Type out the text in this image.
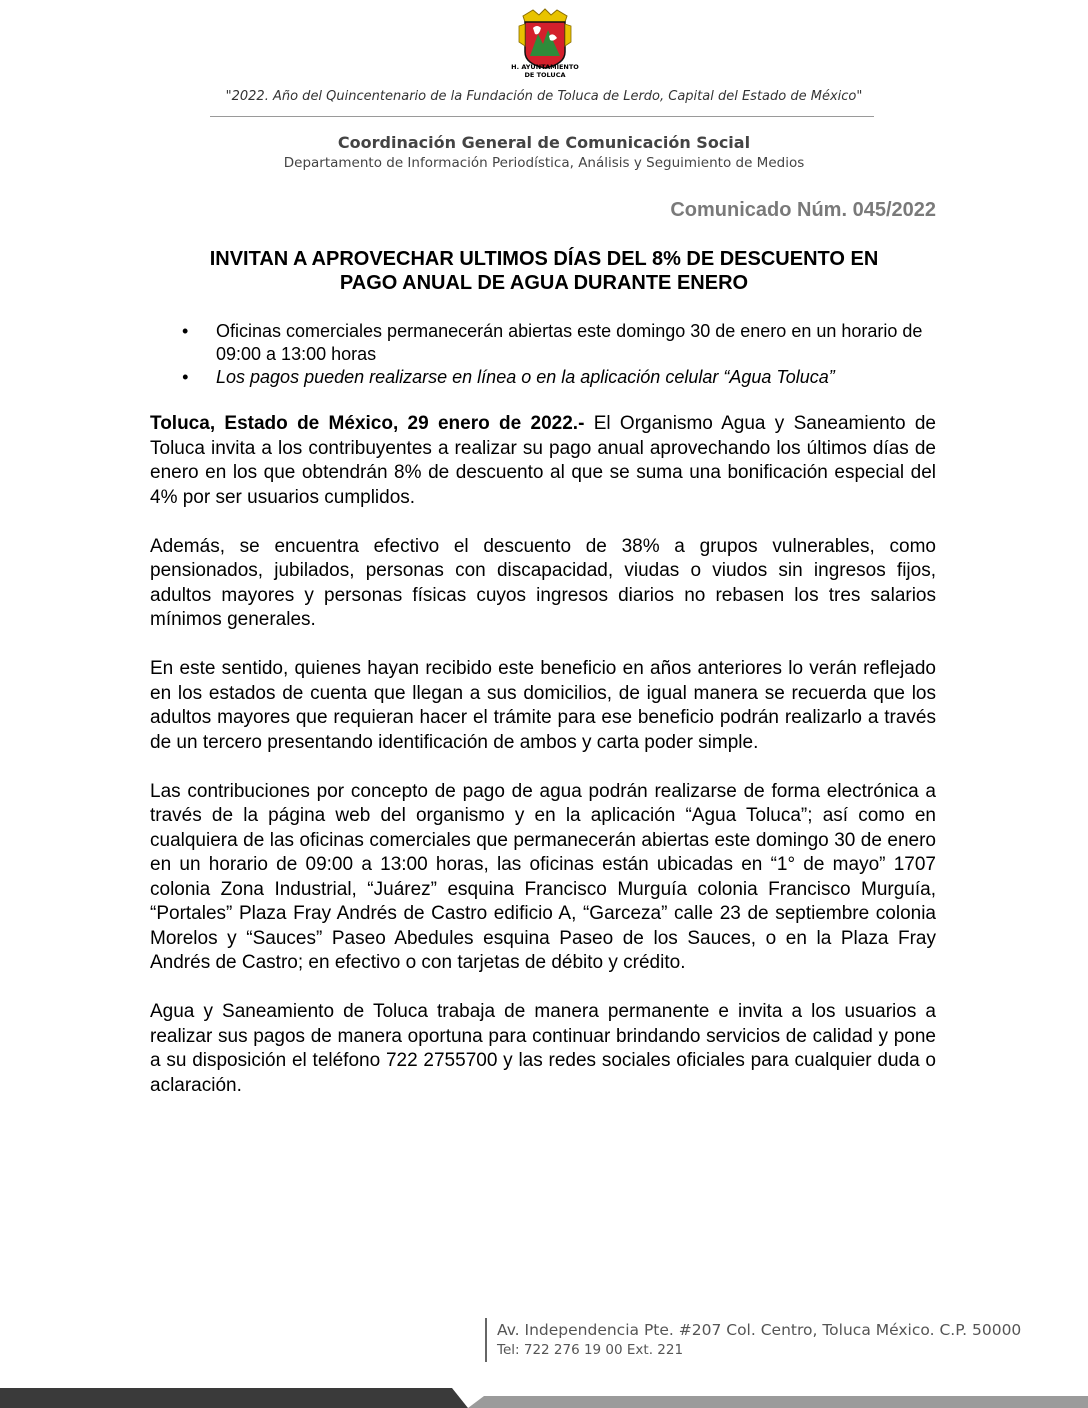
H. AYUNTAMIENTO
DE TOLUCA
"2022. Año del Quincentenario de la Fundación de Toluca de Lerdo, Capital del Estado de México"
Coordinación General de Comunicación Social
Departamento de Información Periodística, Análisis y Seguimiento de Medios
Comunicado Núm. 045/2022
INVITAN A APROVECHAR ULTIMOS DÍAS DEL 8% DE DESCUENTO EN
PAGO ANUAL DE AGUA DURANTE ENERO
• Oficinas comerciales permanecerán abiertas este domingo 30 de enero en un horario de 09:00 a 13:00 horas
• Los pagos pueden realizarse en línea o en la aplicación celular “Agua Toluca”

Toluca, Estado de México, 29 enero de 2022.- El Organismo Agua y Saneamiento de Toluca invita a los contribuyentes a realizar su pago anual aprovechando los últimos días de enero en los que obtendrán 8% de descuento al que se suma una bonificación especial del 4% por ser usuarios cumplidos.

Además, se encuentra efectivo el descuento de 38% a grupos vulnerables, como pensionados, jubilados, personas con discapacidad, viudas o viudos sin ingresos fijos, adultos mayores y personas físicas cuyos ingresos diarios no rebasen los tres salarios mínimos generales.

En este sentido, quienes hayan recibido este beneficio en años anteriores lo verán reflejado en los estados de cuenta que llegan a sus domicilios, de igual manera se recuerda que los adultos mayores que requieran hacer el trámite para ese beneficio podrán realizarlo a través de un tercero presentando identificación de ambos y carta poder simple.

Las contribuciones por concepto de pago de agua podrán realizarse de forma electrónica a través de la página web del organismo y en la aplicación “Agua Toluca”; así como en cualquiera de las oficinas comerciales que permanecerán abiertas este domingo 30 de enero en un horario de 09:00 a 13:00 horas, las oficinas están ubicadas en “1° de mayo” 1707 colonia Zona Industrial, “Juárez” esquina Francisco Murguía colonia Francisco Murguía, “Portales” Plaza Fray Andrés de Castro edificio A, “Garceza” calle 23 de septiembre colonia Morelos y “Sauces” Paseo Abedules esquina Paseo de los Sauces, o en la Plaza Fray Andrés de Castro; en efectivo o con tarjetas de débito y crédito.

Agua y Saneamiento de Toluca trabaja de manera permanente e invita a los usuarios a realizar sus pagos de manera oportuna para continuar brindando servicios de calidad y pone a su disposición el teléfono 722 2755700 y las redes sociales oficiales para cualquier duda o aclaración.

Av. Independencia Pte. #207 Col. Centro, Toluca México. C.P. 50000
Tel: 722 276 19 00 Ext. 221
